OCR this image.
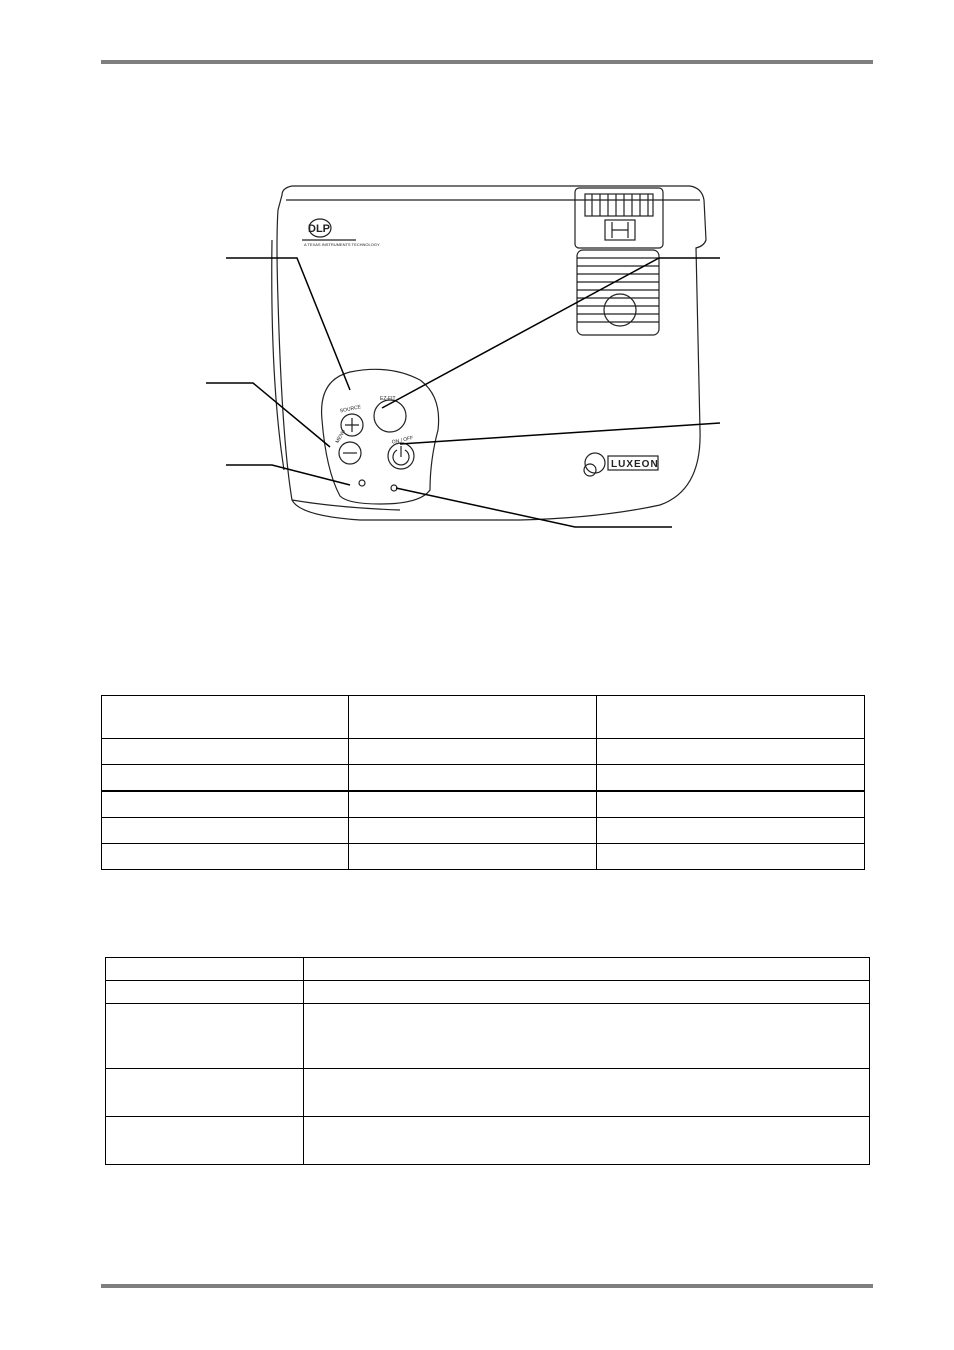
DLP
A TEXAS INSTRUMENTS TECHNOLOGY
LUXEON
SOURCE
MENU
EZ-FIT
ON / OFF
